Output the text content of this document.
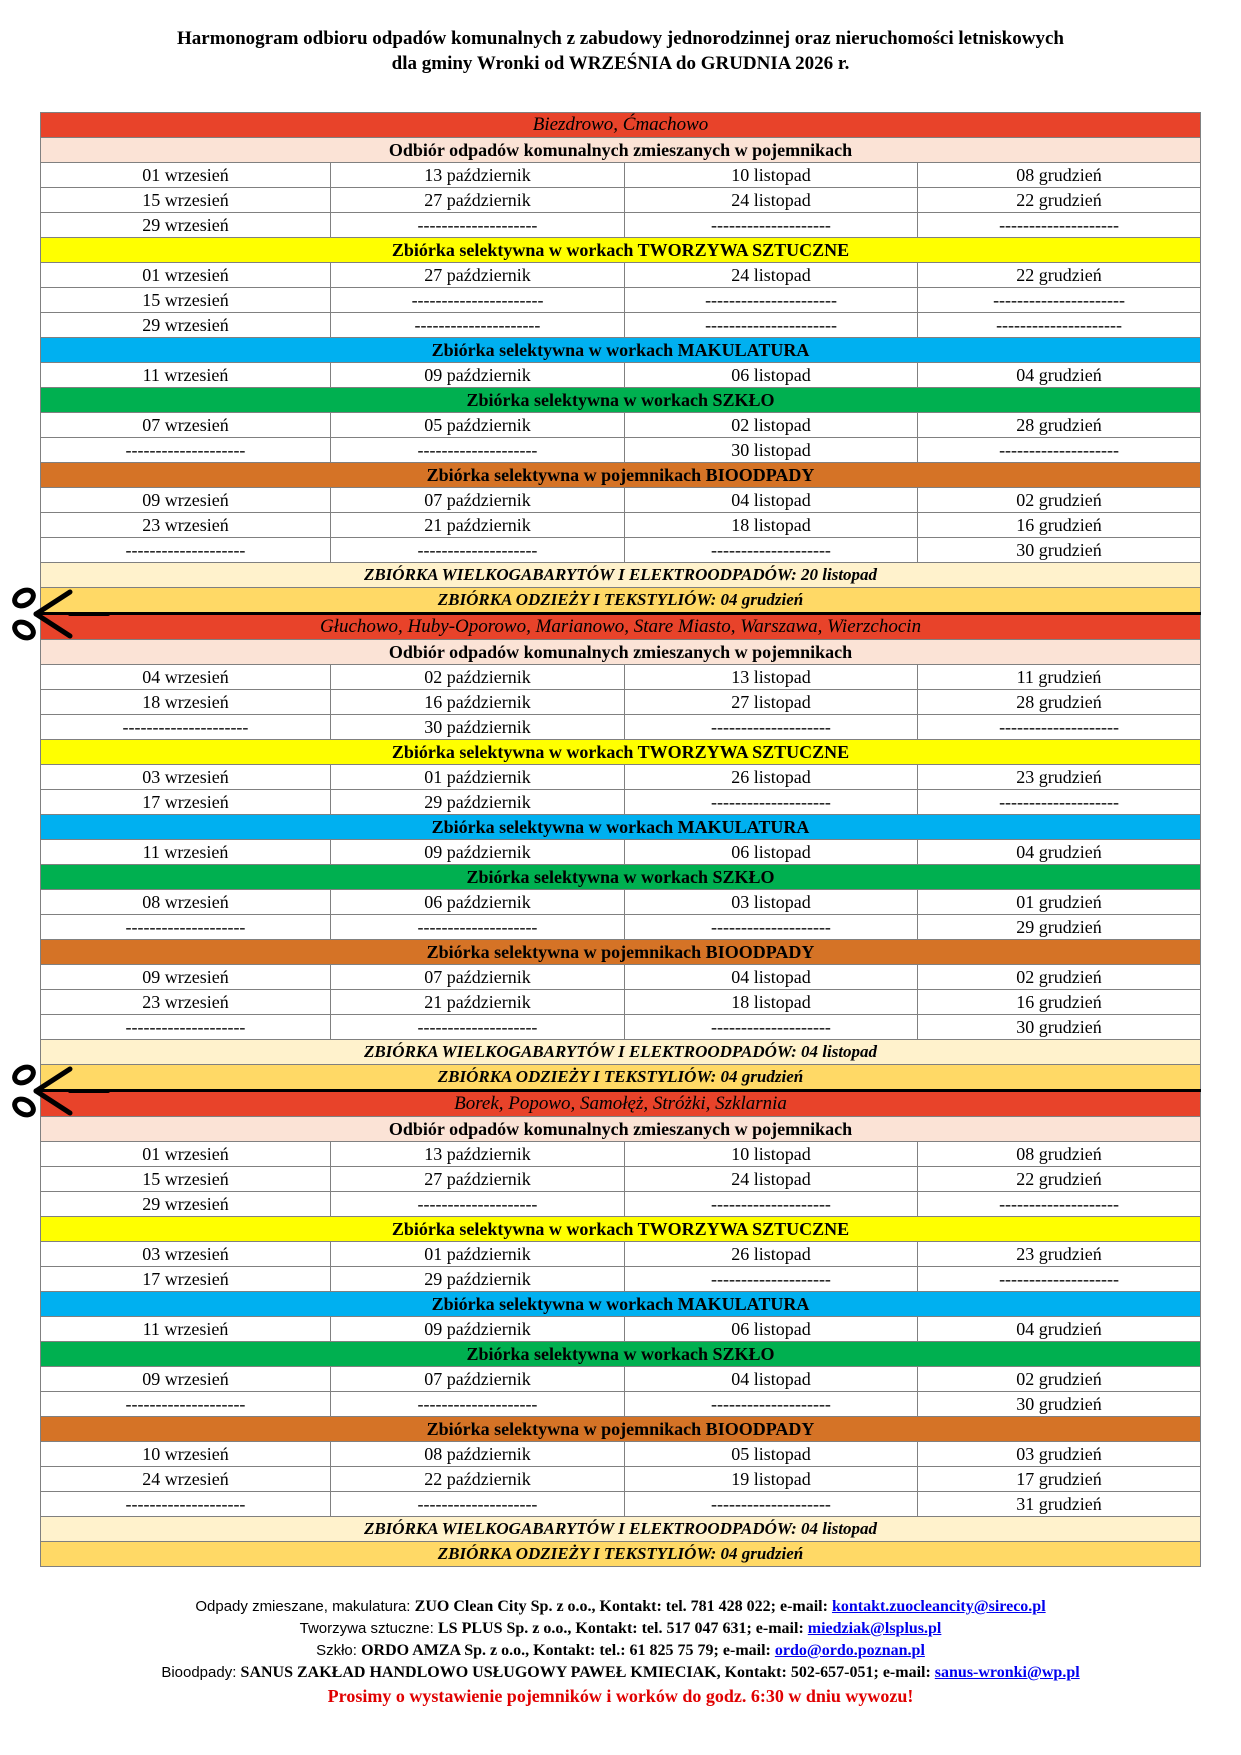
Harmonogram odbioru odpadów komunalnych z zabudowy jednorodzinnej oraz nieruchomości letniskowych
dla gminy Wronki od WRZEŚNIA do GRUDNIA 2026 r.
Biezdrowo, Ćmachowo			
Odbiór odpadów komunalnych zmieszanych w pojemnikach			
01 wrzesień	13 październik	10 listopad	08 grudzień
15 wrzesień	27 październik	24 listopad	22 grudzień
29 wrzesień	--------------------	--------------------	--------------------
Zbiórka selektywna w workach TWORZYWA SZTUCZNE			
01 wrzesień	27 październik	24 listopad	22 grudzień
15 wrzesień	----------------------	----------------------	----------------------
29 wrzesień	---------------------	----------------------	---------------------
Zbiórka selektywna w workach MAKULATURA			
11 wrzesień	09 październik	06 listopad	04 grudzień
Zbiórka selektywna w workach SZKŁO			
07 wrzesień	05 październik	02 listopad	28 grudzień
--------------------	--------------------	30 listopad	--------------------
Zbiórka selektywna w pojemnikach BIOODPADY			
09 wrzesień	07 październik	04 listopad	02 grudzień
23 wrzesień	21 październik	18 listopad	16 grudzień
--------------------	--------------------	--------------------	30 grudzień
ZBIÓRKA WIELKOGABARYTÓW I ELEKTROODPADÓW: 20 listopad			
ZBIÓRKA ODZIEŻY I TEKSTYLIÓW: 04 grudzień			
Głuchowo, Huby-Oporowo, Marianowo, Stare Miasto, Warszawa, Wierzchocin			
Odbiór odpadów komunalnych zmieszanych w pojemnikach			
04 wrzesień	02 październik	13 listopad	11 grudzień
18 wrzesień	16 październik	27 listopad	28 grudzień
---------------------	30 październik	--------------------	--------------------
Zbiórka selektywna w workach TWORZYWA SZTUCZNE			
03 wrzesień	01 październik	26 listopad	23 grudzień
17 wrzesień	29 październik	--------------------	--------------------
Zbiórka selektywna w workach MAKULATURA			
11 wrzesień	09 październik	06 listopad	04 grudzień
Zbiórka selektywna w workach SZKŁO			
08 wrzesień	06 październik	03 listopad	01 grudzień
--------------------	--------------------	--------------------	29 grudzień
Zbiórka selektywna w pojemnikach BIOODPADY			
09 wrzesień	07 październik	04 listopad	02 grudzień
23 wrzesień	21 październik	18 listopad	16 grudzień
--------------------	--------------------	--------------------	30 grudzień
ZBIÓRKA WIELKOGABARYTÓW I ELEKTROODPADÓW: 04 listopad			
ZBIÓRKA ODZIEŻY I TEKSTYLIÓW: 04 grudzień			
Borek, Popowo, Samołęż, Stróżki, Szklarnia			
Odbiór odpadów komunalnych zmieszanych w pojemnikach			
01 wrzesień	13 październik	10 listopad	08 grudzień
15 wrzesień	27 październik	24 listopad	22 grudzień
29 wrzesień	--------------------	--------------------	--------------------
Zbiórka selektywna w workach TWORZYWA SZTUCZNE			
03 wrzesień	01 październik	26 listopad	23 grudzień
17 wrzesień	29 październik	--------------------	--------------------
Zbiórka selektywna w workach MAKULATURA			
11 wrzesień	09 październik	06 listopad	04 grudzień
Zbiórka selektywna w workach SZKŁO			
09 wrzesień	07 październik	04 listopad	02 grudzień
--------------------	--------------------	--------------------	30 grudzień
Zbiórka selektywna w pojemnikach BIOODPADY			
10 wrzesień	08 październik	05 listopad	03 grudzień
24 wrzesień	22 październik	19 listopad	17 grudzień
--------------------	--------------------	--------------------	31 grudzień
ZBIÓRKA WIELKOGABARYTÓW I ELEKTROODPADÓW: 04 listopad			
ZBIÓRKA ODZIEŻY I TEKSTYLIÓW: 04 grudzień			
Odpady zmieszane, makulatura: ZUO Clean City Sp. z o.o., Kontakt: tel. 781 428 022; e-mail: kontakt.zuocleancity@sireco.pl
Tworzywa sztuczne: LS PLUS Sp. z o.o., Kontakt: tel. 517 047 631; e-mail: miedziak@lsplus.pl
Szkło: ORDO AMZA Sp. z o.o., Kontakt: tel.: 61 825 75 79; e-mail: ordo@ordo.poznan.pl
Bioodpady: SANUS ZAKŁAD HANDLOWO USŁUGOWY PAWEŁ KMIECIAK, Kontakt: 502-657-051; e-mail: sanus-wronki@wp.pl
Prosimy o wystawienie pojemników i worków do godz. 6:30 w dniu wywozu!
